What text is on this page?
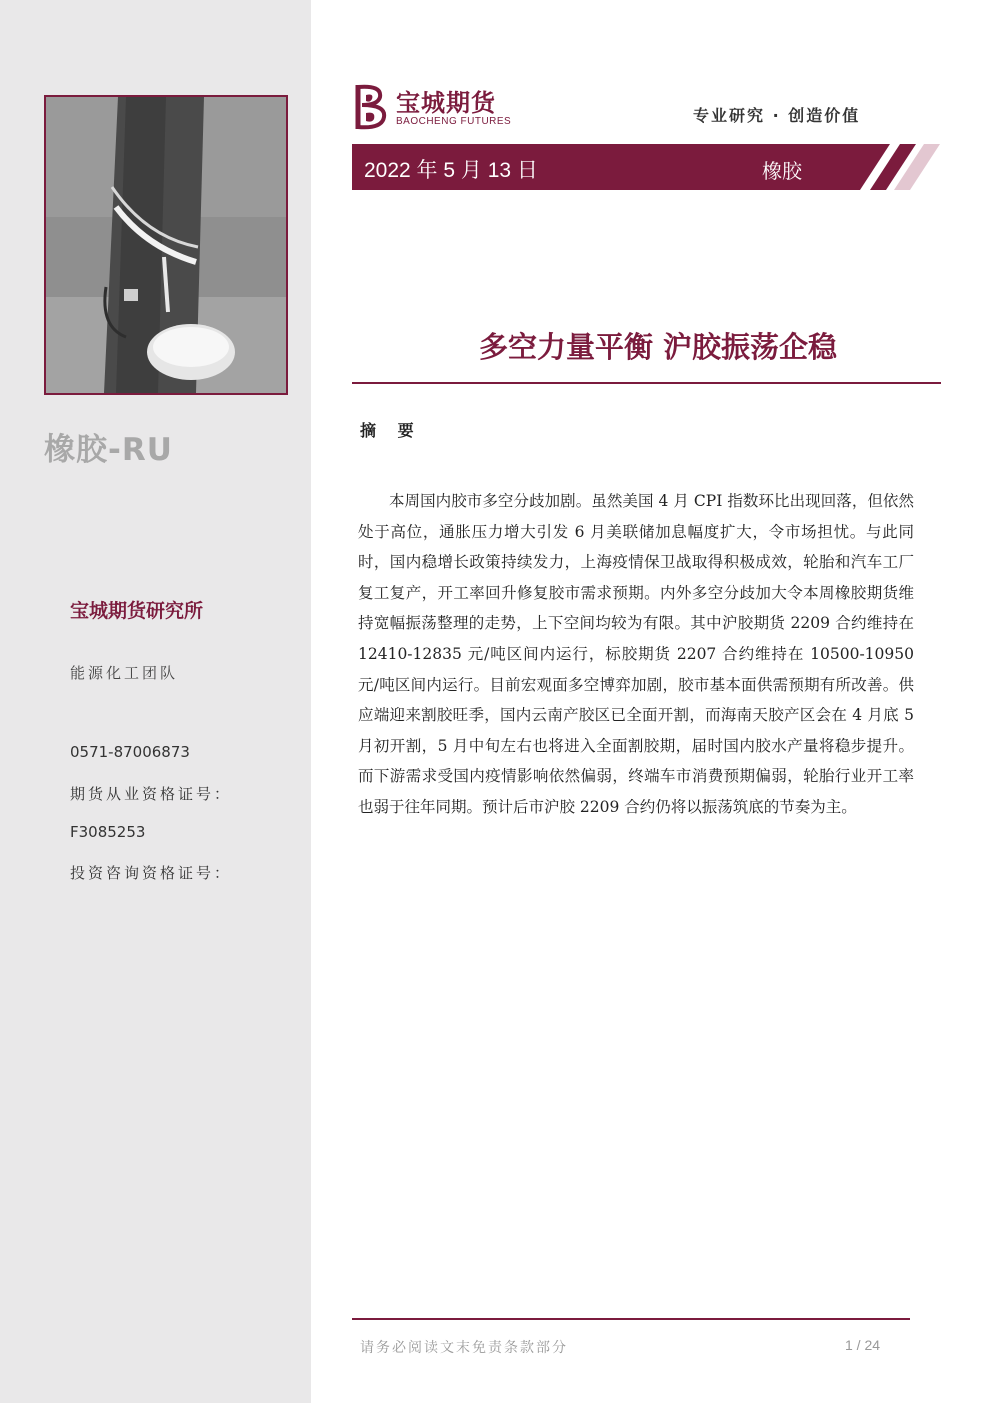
橡胶-RU
宝城期货研究所
能源化工团队
0571-87006873
期货从业资格证号：
F3085253
投资咨询资格证号：
宝城期货
BAOCHENG FUTURES	专业研究 · 创造价值
2022 年 5 月 13 日	橡胶
多空力量平衡 沪胶振荡企稳
摘 要
本周国内胶市多空分歧加剧。虽然美国 4 月 CPI 指数环比出现回落，但依然处于高位，通胀压力增大引发 6 月美联储加息幅度扩大，令市场担忧。与此同时，国内稳增长政策持续发力，上海疫情保卫战取得积极成效，轮胎和汽车工厂复工复产，开工率回升修复胶市需求预期。内外多空分歧加大令本周橡胶期货维持宽幅振荡整理的走势，上下空间均较为有限。其中沪胶期货 2209 合约维持在 12410-12835 元/吨区间内运行，标胶期货 2207 合约维持在 10500-10950 元/吨区间内运行。目前宏观面多空博弈加剧，胶市基本面供需预期有所改善。供应端迎来割胶旺季，国内云南产胶区已全面开割，而海南天胶产区会在 4 月底 5 月初开割，5 月中旬左右也将进入全面割胶期，届时国内胶水产量将稳步提升。而下游需求受国内疫情影响依然偏弱，终端车市消费预期偏弱，轮胎行业开工率也弱于往年同期。预计后市沪胶 2209 合约仍将以振荡筑底的节奏为主。
请务必阅读文末免责条款部分	1 / 24
